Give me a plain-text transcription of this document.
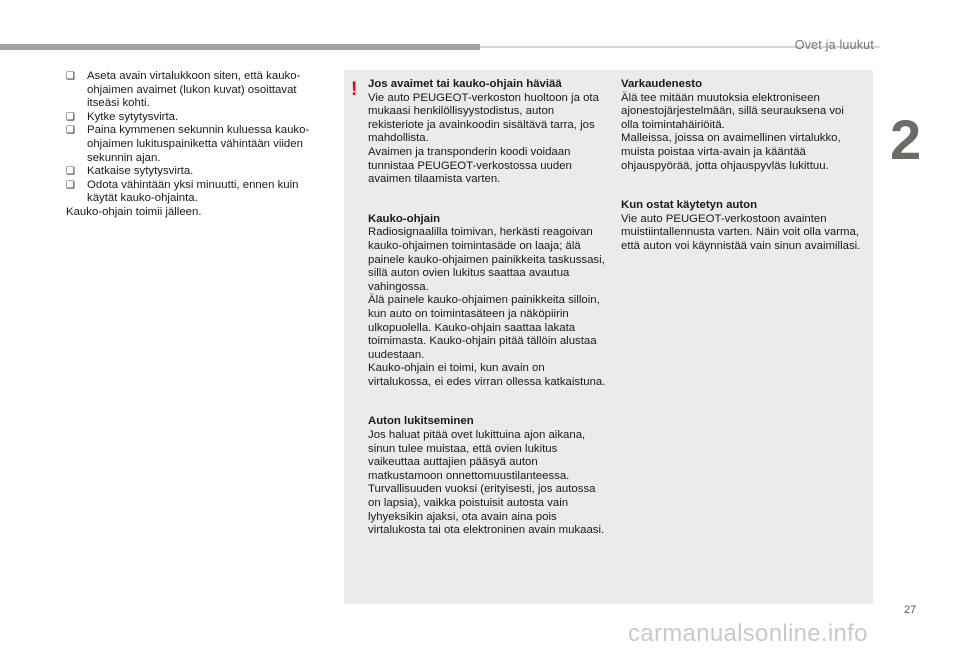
Ovet ja luukut
2
❑ Aseta avain virtalukkoon siten, että kauko-ohjaimen avaimet (lukon kuvat) osoittavat itseäsi kohti.
❑ Kytke sytytysvirta.
❑ Paina kymmenen sekunnin kuluessa kauko-ohjaimen lukituspainiketta vähintään viiden sekunnin ajan.
❑ Katkaise sytytysvirta.
❑ Odota vähintään yksi minuutti, ennen kuin käytät kauko-ohjainta.

Kauko-ohjain toimii jälleen.

! Jos avaimet tai kauko-ohjain häviää

Vie auto PEUGEOT-verkoston huoltoon ja ota mukaasi henkilöllisyystodistus, auton rekisteriote ja avainkoodin sisältävä tarra, jos mahdollista.
Avaimen ja transponderin koodi voidaan tunnistaa PEUGEOT-verkostossa uuden avaimen tilaamista varten.

Kauko-ohjain

Radiosignaalilla toimivan, herkästi reagoivan kauko-ohjaimen toimintasäde on laaja; älä painele kauko-ohjaimen painikkeita taskussasi, sillä auton ovien lukitus saattaa avautua vahingossa.
Älä painele kauko-ohjaimen painikkeita silloin, kun auto on toimintasäteen ja näköpiirin ulkopuolella. Kauko-ohjain saattaa lakata toimimasta. Kauko-ohjain pitää tällöin alustaa uudestaan.
Kauko-ohjain ei toimi, kun avain on virtalukossa, ei edes virran ollessa katkaistuna.

Auton lukitseminen

Jos haluat pitää ovet lukittuina ajon aikana, sinun tulee muistaa, että ovien lukitus vaikeuttaa auttajien pääsyä auton matkustamoon onnettomuustilanteessa.
Turvallisuuden vuoksi (erityisesti, jos autossa on lapsia), vaikka poistuisit autosta vain lyhyeksikin ajaksi, ota avain aina pois virtalukosta tai ota elektroninen avain mukaasi.

Varkaudenesto

Älä tee mitään muutoksia elektroniseen ajonestojärjestelmään, sillä seurauksena voi olla toimintahäiriöitä.
Malleissa, joissa on avaimellinen virtalukko, muista poistaa virta-avain ja kääntää ohjauspyörää, jotta ohjauspyvläs lukittuu.

Kun ostat käytetyn auton

Vie auto PEUGEOT-verkostoon avainten muistiintallennusta varten. Näin voit olla varma, että auton voi käynnistää vain sinun avaimillasi.

27
carmanualsonline.info
